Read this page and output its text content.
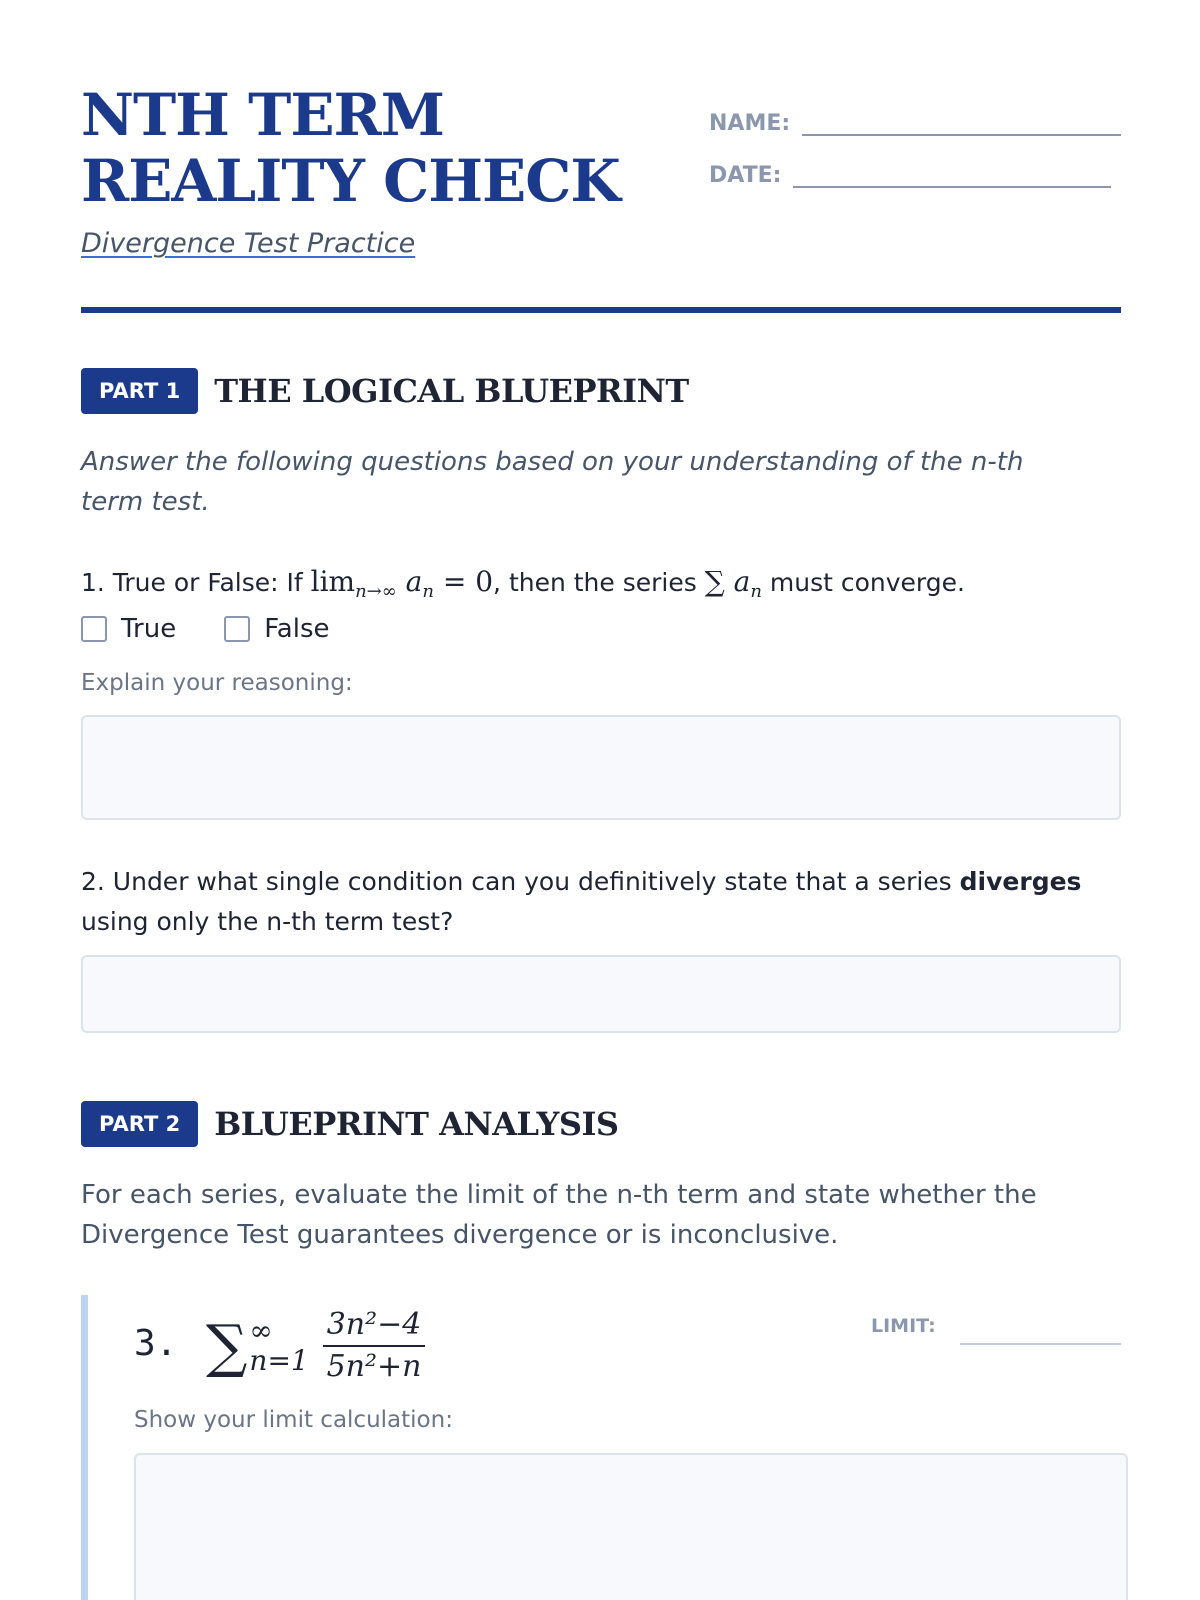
NTH TERM REALITY CHECK
Divergence Test Practice
NAME:
DATE:
PART 1	THE LOGICAL BLUEPRINT
Answer the following questions based on your understanding of the n-th term test.
1. True or False: If $\lim_{n\to\infty} a_n = 0$, then the series ∑ $a_n$ must converge.
True	False
Explain your reasoning:
2. Under what single condition can you definitively state that a series diverges using only the n-th term test?
PART 2	BLUEPRINT ANALYSIS
For each series, evaluate the limit of the n-th term and state whether the Divergence Test guarantees divergence or is inconclusive.
3. ∑ ∞
$n=1 \frac{\text{3n²−4}}{\text{5n²+n}}$	LIMIT:
Show your limit calculation:
